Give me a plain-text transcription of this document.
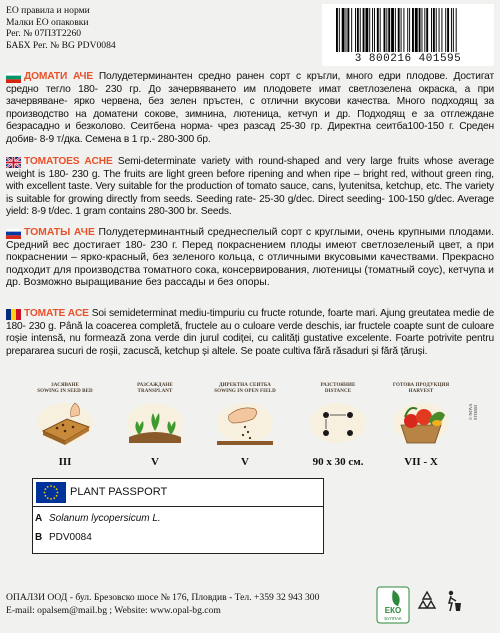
ЕО правила и норми
Малки ЕО опаковки
Рег. № 07ПЗТ2260
БАБХ Рег. № BG PDV0084
3 800216 401595

ДОМАТИ АЧЕ Полудетерминантен средно ранен сорт с кръгли, много едри плодове. Достигат средно тегло 180- 230 гр. До зачервяването им плодовете имат светлозелена окраска, а при зачервяване- ярко червена, без зелен пръстен, с отлични вкусови качества. Много подходящ за производство на доматени сокове, зимнина, лютеница, кетчуп и др. Подходящ е за отглеждане безрасадно и безколово. Сеитбена норма- чрез разсад 25-30 гр. Директна сеитба100-150 г. Среден добив- 8-9 т/дка. Семена в 1 гр.- 280-300 бр.

TOMATOES ACHE Semi-determinate variety with round-shaped and very large fruits whose average weight is 180- 230 g. The fruits are light green before ripening and when ripe – bright red, without green ring, with excellent taste. Very suitable for the production of tomato sauce, cans, lyutenitsa, ketchup, etc. The variety is suitable for growing directly from seeds. Seeding rate- 25-30 g/dec. Direct seeding- 100-150 g/dec. Average yield: 8-9 t/dec. 1 gram contains 280-300 br. Seeds.

ТОМАТЫ АЧЕ Полудетерминантный среднеспелый сорт с круглыми, очень крупными плодами. Средний вес достигает 180- 230 г. Перед покраснением плоды имеют светлозеленый цвет, а при покраснении – ярко-красный, без зеленого кольца, с отличными вкусовыми качествами. Прекрасно подходит для производства томатного сока, консервирования, лютеницы (томатный соус), кетчупа и др. Возможно выращивание без рассады и без опоры.

TOMATE ACE Soi semideterminat mediu-timpuriu cu fructe rotunde, foarte mari. Ajung greutatea medie de 180- 230 g. Până la coacerea completă, fructele au o culoare verde deschis, iar fructele coapte sunt de culoare roșie intensă, nu formează zona verde din jurul codiței, cu calități gustative excelente. Foarte potrivite pentru prepararea sucuri de roșii, zacuscă, ketchup și altele. Se poate cultiva fără răsaduri și fără țăruși.

ЗАСЯВАНЕ
SOWING IN SEED BED
III
РАЗСАЖДАНЕ
TRANSPLANT
V
ДИРЕКТНА СЕИТБА
SOWING IN OPEN FIELD
V
РАЗСТОЯНИЕ
DISTANCE
90 x 30 см.
ГОТОВА ПРОДУКЦИЯ
HARVEST
VII - X
© NOVA STORM
PLANT PASSPORT
A Solanum lycopersicum L.
B PDV0084
ОПАЛЗИ ООД - бул. Брезовско шосе № 176, Пловдив - Тел. +359 32 943 300
E-mail: opalsem@mail.bg ; Website: www.opal-bg.com	ЕКО
БУЛПАК
